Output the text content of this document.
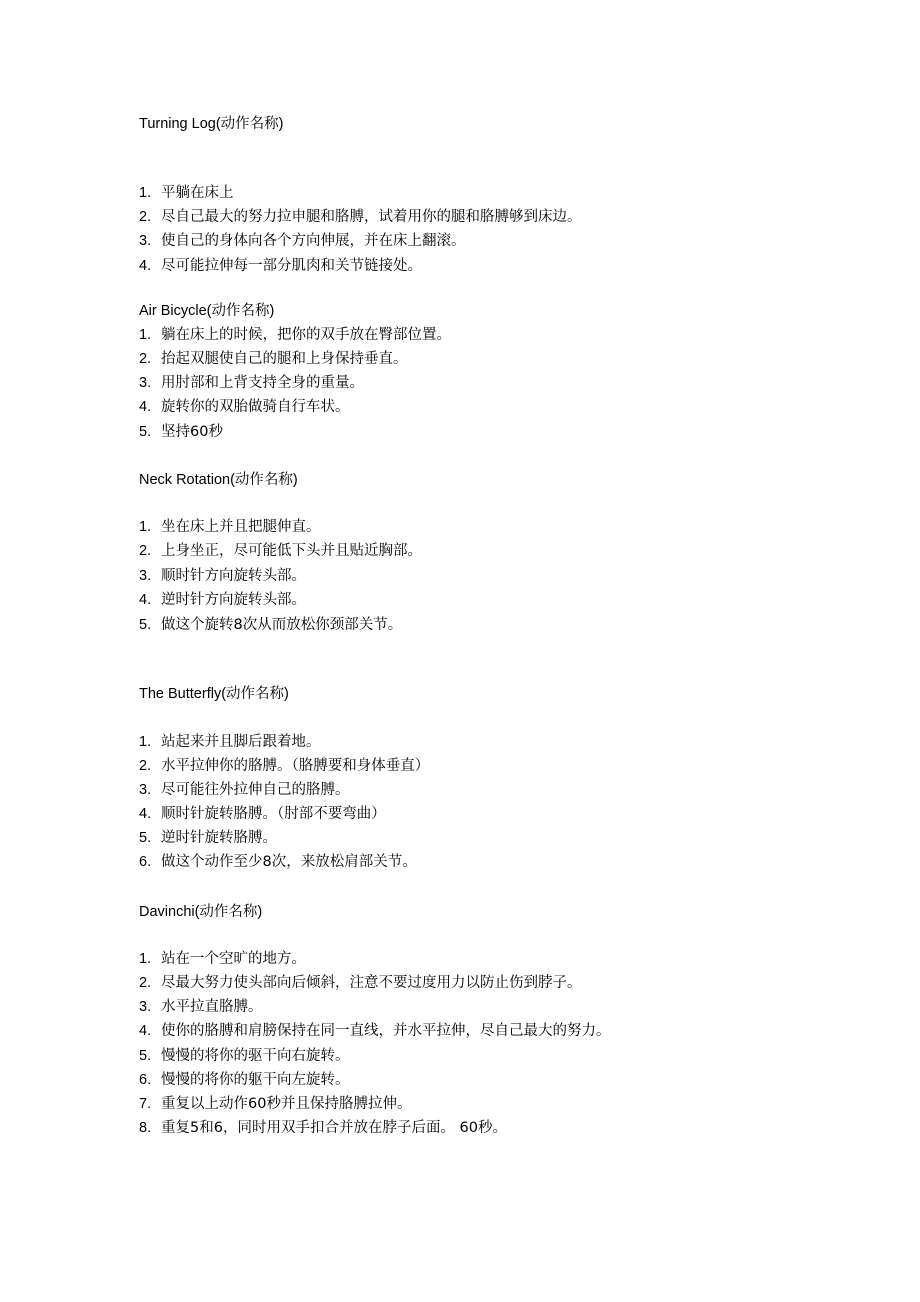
Turning Log(动作名称)
1. 平躺在床上
2. 尽自己最大的努力拉申腿和胳膊，试着用你的腿和胳膊够到床边。
3. 使自己的身体向各个方向伸展，并在床上翻滚。
4. 尽可能拉伸每一部分肌肉和关节链接处。
Air Bicycle(动作名称)
1. 躺在床上的时候，把你的双手放在臀部位置。
2. 抬起双腿使自己的腿和上身保持垂直。
3. 用肘部和上背支持全身的重量。
4. 旋转你的双胎做骑自行车状。
5. 坚持60秒
Neck Rotation(动作名称)
1. 坐在床上并且把腿伸直。
2. 上身坐正，尽可能低下头并且贴近胸部。
3. 顺时针方向旋转头部。
4. 逆时针方向旋转头部。
5. 做这个旋转8次从而放松你颈部关节。
The Butterfly(动作名称)
1. 站起来并且脚后跟着地。
2. 水平拉伸你的胳膊。（胳膊要和身体垂直）
3. 尽可能往外拉伸自己的胳膊。
4. 顺时针旋转胳膊。（肘部不要弯曲）
5. 逆时针旋转胳膊。
6. 做这个动作至少8次，来放松肩部关节。
Davinchi(动作名称)
1. 站在一个空旷的地方。
2. 尽最大努力使头部向后倾斜，注意不要过度用力以防止伤到脖子。
3. 水平拉直胳膊。
4. 使你的胳膊和肩膀保持在同一直线，并水平拉伸，尽自己最大的努力。
5. 慢慢的将你的驱干向右旋转。
6. 慢慢的将你的躯干向左旋转。
7. 重复以上动作60秒并且保持胳膊拉伸。
8. 重复5和6，同时用双手扣合并放在脖子后面。 60秒。
